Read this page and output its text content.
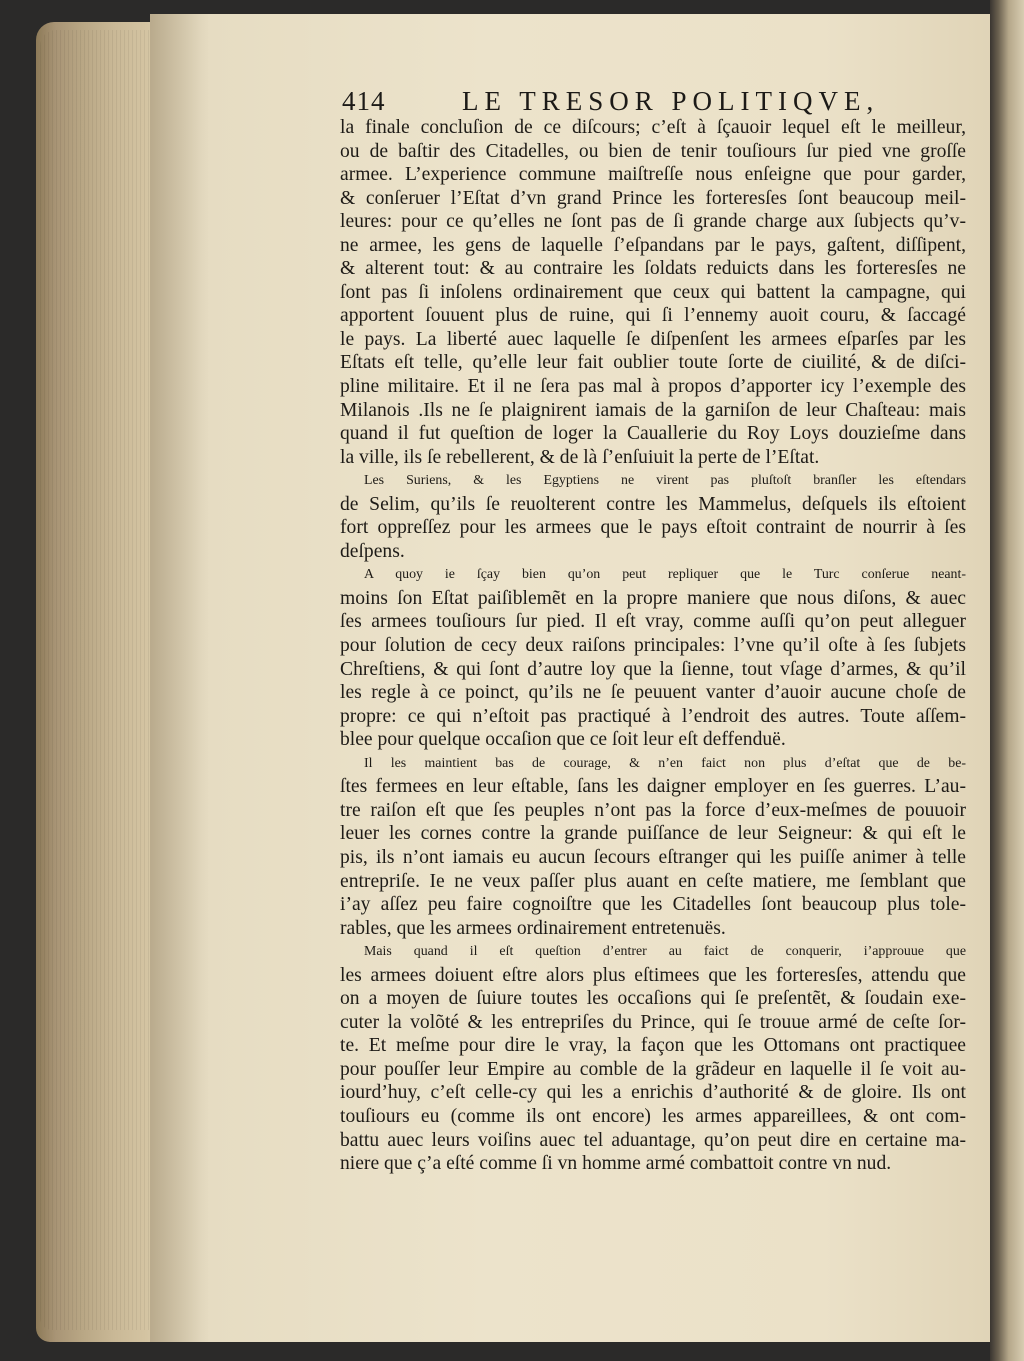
414	LE TRESOR POLITIQVE,
la finale concluſion de ce diſcours; c’eſt à ſçauoir lequel eſt le meilleur,
ou de baſtir des Citadelles, ou bien de tenir touſiours ſur pied vne groſſe
armee. L’experience commune maiſtreſſe nous enſeigne que pour garder,
& conſeruer l’Eſtat d’vn grand Prince les forteresſes ſont beaucoup meil-
leures: pour ce qu’elles ne ſont pas de ſi grande charge aux ſubjects qu’v-
ne armee, les gens de laquelle ſ’eſpandans par le pays, gaſtent, diſſipent,
& alterent tout: & au contraire les ſoldats reduicts dans les forteresſes ne
ſont pas ſi inſolens ordinairement que ceux qui battent la campagne, qui
apportent ſouuent plus de ruine, qui ſi l’ennemy auoit couru, & ſaccagé
le pays. La liberté auec laquelle ſe diſpenſent les armees eſparſes par les
Eſtats eſt telle, qu’elle leur fait oublier toute ſorte de ciuilité, & de diſci-
pline militaire. Et il ne ſera pas mal à propos d’apporter icy l’exemple des
Milanois .Ils ne ſe plaignirent iamais de la garniſon de leur Chaſteau: mais
quand il fut queſtion de loger la Cauallerie du Roy Loys douzieſme dans
la ville, ils ſe rebellerent, & de là ſ’enſuiuit la perte de l’Eſtat.
Les Suriens, & les Egyptiens ne virent pas pluſtoſt branſler les eſtendars
de Selim, qu’ils ſe reuolterent contre les Mammelus, deſquels ils eſtoient
fort oppreſſez pour les armees que le pays eſtoit contraint de nourrir à ſes
deſpens.
A quoy ie ſçay bien qu’on peut repliquer que le Turc conſerue neant-
moins ſon Eſtat paiſiblemẽt en la propre maniere que nous diſons, & auec
ſes armees touſiours ſur pied. Il eſt vray, comme auſſi qu’on peut alleguer
pour ſolution de cecy deux raiſons principales: l’vne qu’il oſte à ſes ſubjets
Chreſtiens, & qui ſont d’autre loy que la ſienne, tout vſage d’armes, & qu’il
les regle à ce poinct, qu’ils ne ſe peuuent vanter d’auoir aucune choſe de
propre: ce qui n’eſtoit pas practiqué à l’endroit des autres. Toute aſſem-
blee pour quelque occaſion que ce ſoit leur eſt deffenduë.
Il les maintient bas de courage, & n’en faict non plus d’eſtat que de be-
ſtes fermees en leur eſtable, ſans les daigner employer en ſes guerres. L’au-
tre raiſon eſt que ſes peuples n’ont pas la force d’eux-meſmes de pouuoir
leuer les cornes contre la grande puiſſance de leur Seigneur: & qui eſt le
pis, ils n’ont iamais eu aucun ſecours eſtranger qui les puiſſe animer à telle
entrepriſe. Ie ne veux paſſer plus auant en ceſte matiere, me ſemblant que
i’ay aſſez peu faire cognoiſtre que les Citadelles ſont beaucoup plus tole-
rables, que les armees ordinairement entretenuës.
Mais quand il eſt queſtion d’entrer au faict de conquerir, i’approuue que
les armees doiuent eſtre alors plus eſtimees que les forteresſes, attendu que
on a moyen de ſuiure toutes les occaſions qui ſe preſentẽt, & ſoudain exe-
cuter la volõté & les entrepriſes du Prince, qui ſe trouue armé de ceſte ſor-
te. Et meſme pour dire le vray, la façon que les Ottomans ont practiquee
pour pouſſer leur Empire au comble de la grãdeur en laquelle il ſe voit au-
iourd’huy, c’eſt celle-cy qui les a enrichis d’authorité & de gloire. Ils ont
touſiours eu (comme ils ont encore) les armes appareillees, & ont com-
battu auec leurs voiſins auec tel aduantage, qu’on peut dire en certaine ma-
niere que ç’a eſté comme ſi vn homme armé combattoit contre vn nud.
